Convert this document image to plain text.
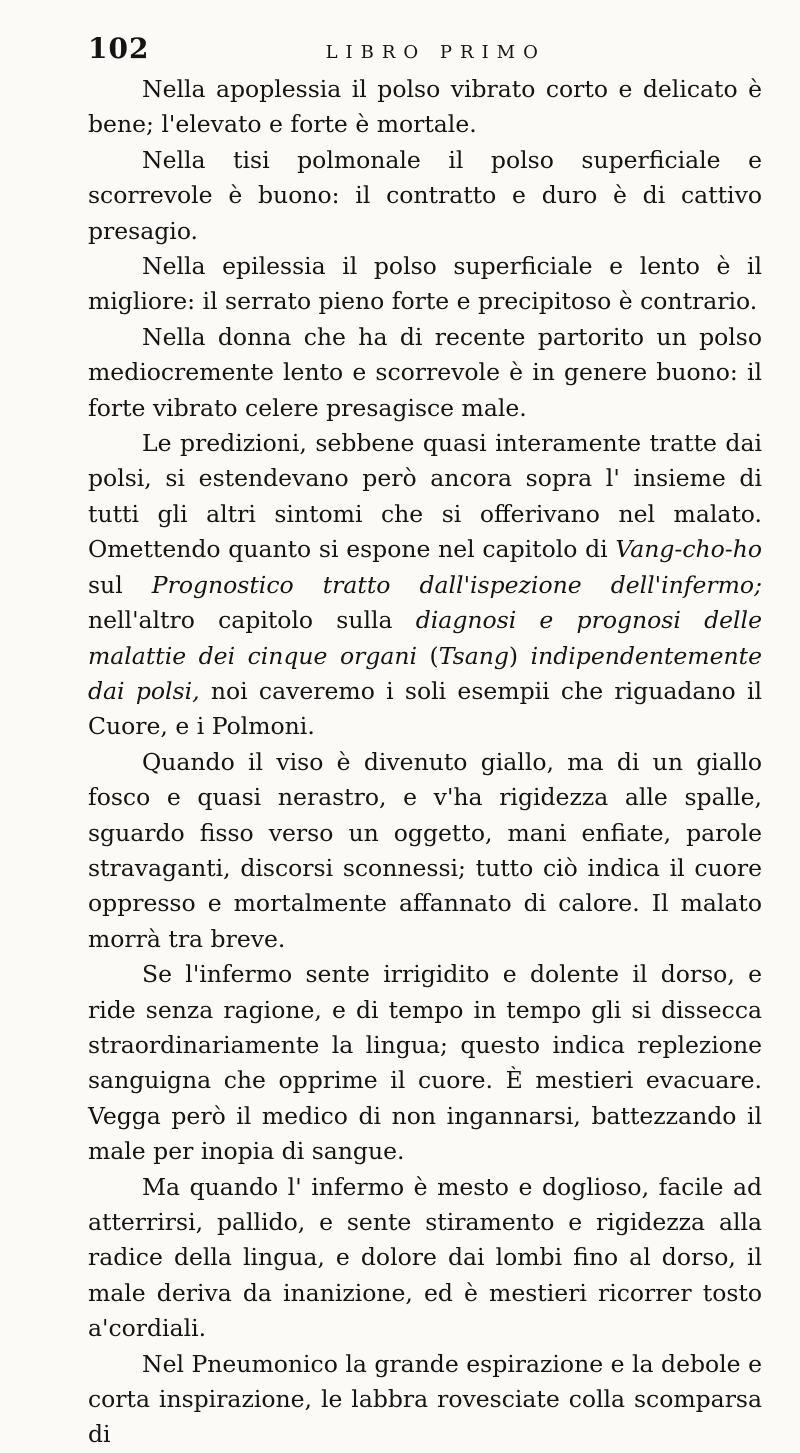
102	LIBRO PRIMO

Nella apoplessia il polso vibrato corto e delicato è bene; l'elevato e forte è mortale.

Nella tisi polmonale il polso superficiale e scorrevole è buono: il contratto e duro è di cattivo presagio.

Nella epilessia il polso superficiale e lento è il migliore: il serrato pieno forte e precipitoso è contrario.

Nella donna che ha di recente partorito un polso mediocremente lento e scorrevole è in genere buono: il forte vibrato celere presagisce male.

Le predizioni, sebbene quasi interamente tratte dai polsi, si estendevano però ancora sopra l' insieme di tutti gli altri sintomi che si offerivano nel malato. Omettendo quanto si espone nel capitolo di Vang-cho-ho sul Prognostico tratto dall'ispezione dell'infermo; nell'altro capitolo sulla diagnosi e prognosi delle malattie dei cinque organi (Tsang) indipendentemente dai polsi, noi caveremo i soli esempii che riguadano il Cuore, e i Polmoni.

Quando il viso è divenuto giallo, ma di un giallo fosco e quasi nerastro, e v'ha rigidezza alle spalle, sguardo fisso verso un oggetto, mani enfiate, parole stravaganti, discorsi sconnessi; tutto ciò indica il cuore oppresso e mortalmente affannato di calore. Il malato morrà tra breve.

Se l'infermo sente irrigidito e dolente il dorso, e ride senza ragione, e di tempo in tempo gli si dissecca straordinariamente la lingua; questo indica replezione sanguigna che opprime il cuore. È mestieri evacuare. Vegga però il medico di non ingannarsi, battezzando il male per inopia di sangue.

Ma quando l' infermo è mesto e doglioso, facile ad atterrirsi, pallido, e sente stiramento e rigidezza alla radice della lingua, e dolore dai lombi fino al dorso, il male deriva da inanizione, ed è mestieri ricorrer tosto a'cordiali.

Nel Pneumonico la grande espirazione e la debole e corta inspirazione, le labbra rovesciate colla scomparsa di
